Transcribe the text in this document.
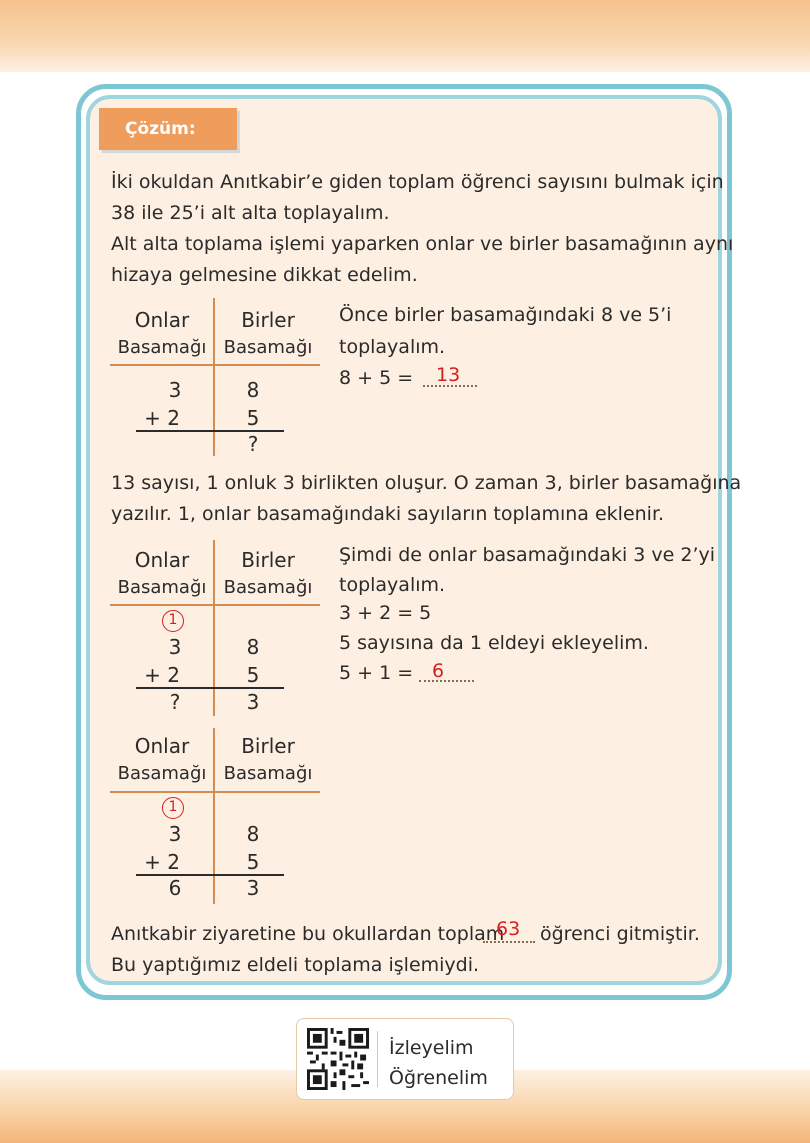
Çözüm:
İki okuldan Anıtkabir’e giden toplam öğrenci sayısını bulmak için
38 ile 25’i alt alta toplayalım.
Alt alta toplama işlemi yaparken onlar ve birler basamağının aynı
hizaya gelmesine dikkat edelim.
Onlar
Basamağı
Birler
Basamağı
3
+ 2
8
5
?
Önce birler basamağındaki 8 ve 5’i
toplayalım.
8 + 5 = 13
13 sayısı, 1 onluk 3 birlikten oluşur. O zaman 3, birler basamağına
yazılır. 1, onlar basamağındaki sayıların toplamına eklenir.
Onlar
Basamağı
Birler
Basamağı
1
3
+ 2
8
5
?	3
Şimdi de onlar basamağındaki 3 ve 2’yi
toplayalım.
3 + 2 = 5
5 sayısına da 1 eldeyi ekleyelim.
5 + 1 = 6
Onlar
Basamağı
Birler
Basamağı
1
3
+ 2
8
5
6	3
Anıtkabir ziyaretine bu okullardan toplam
63 öğrenci gitmiştir.
Bu yaptığımız eldeli toplama işlemiydi.
İzleyelim
Öğrenelim
